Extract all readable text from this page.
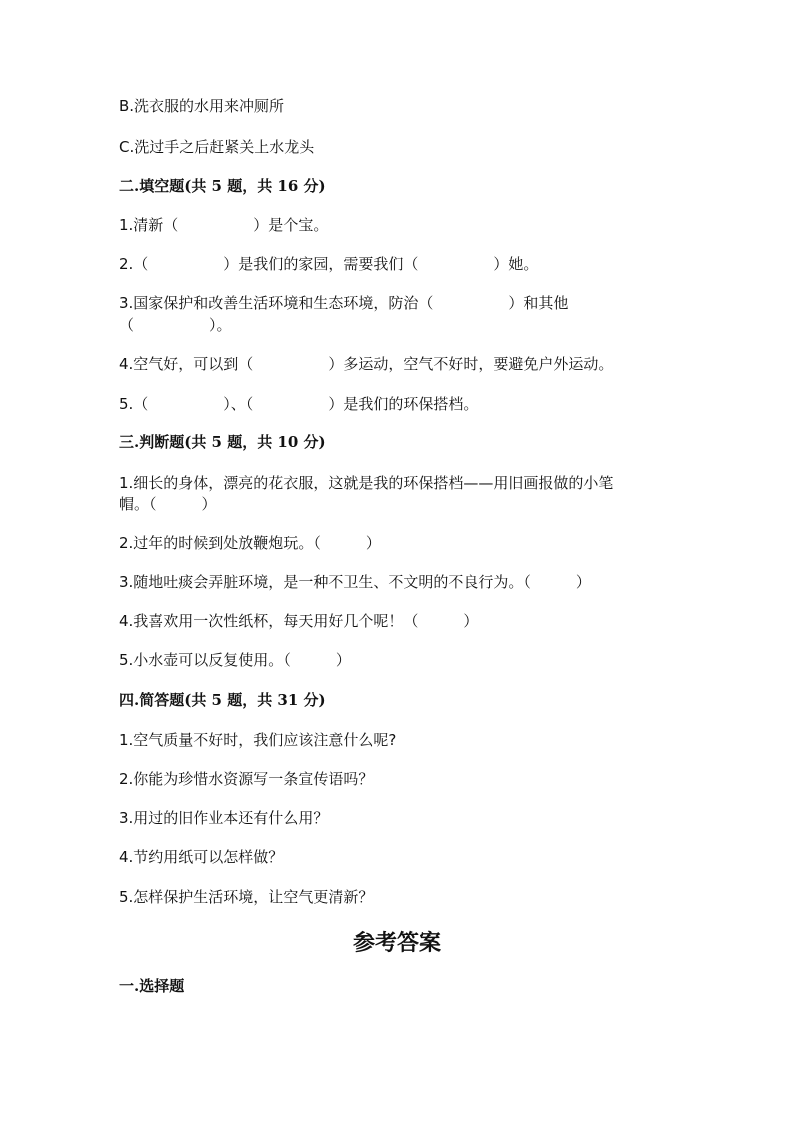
B.洗衣服的水用来冲厕所
C.洗过手之后赶紧关上水龙头
二.填空题(共 5 题，共 16 分)
1.清新（　　　　　）是个宝。
2.（　　　　　）是我们的家园，需要我们（　　　　　）她。
3.国家保护和改善生活环境和生态环境，防治（　　　　　）和其他
（　　　　　）。
4.空气好，可以到（　　　　　）多运动，空气不好时，要避免户外运动。
5.（　　　　　）、（　　　　　）是我们的环保搭档。
三.判断题(共 5 题，共 10 分)
1.细长的身体，漂亮的花衣服，这就是我的环保搭档——用旧画报做的小笔
帽。（　　　）
2.过年的时候到处放鞭炮玩。（　　　）
3.随地吐痰会弄脏环境，是一种不卫生、不文明的不良行为。（　　　）
4.我喜欢用一次性纸杯，每天用好几个呢！（　　　）
5.小水壶可以反复使用。（　　　）
四.简答题(共 5 题，共 31 分)
1.空气质量不好时，我们应该注意什么呢?
2.你能为珍惜水资源写一条宣传语吗？
3.用过的旧作业本还有什么用？
4.节约用纸可以怎样做？
5.怎样保护生活环境，让空气更清新？
参考答案
一.选择题
